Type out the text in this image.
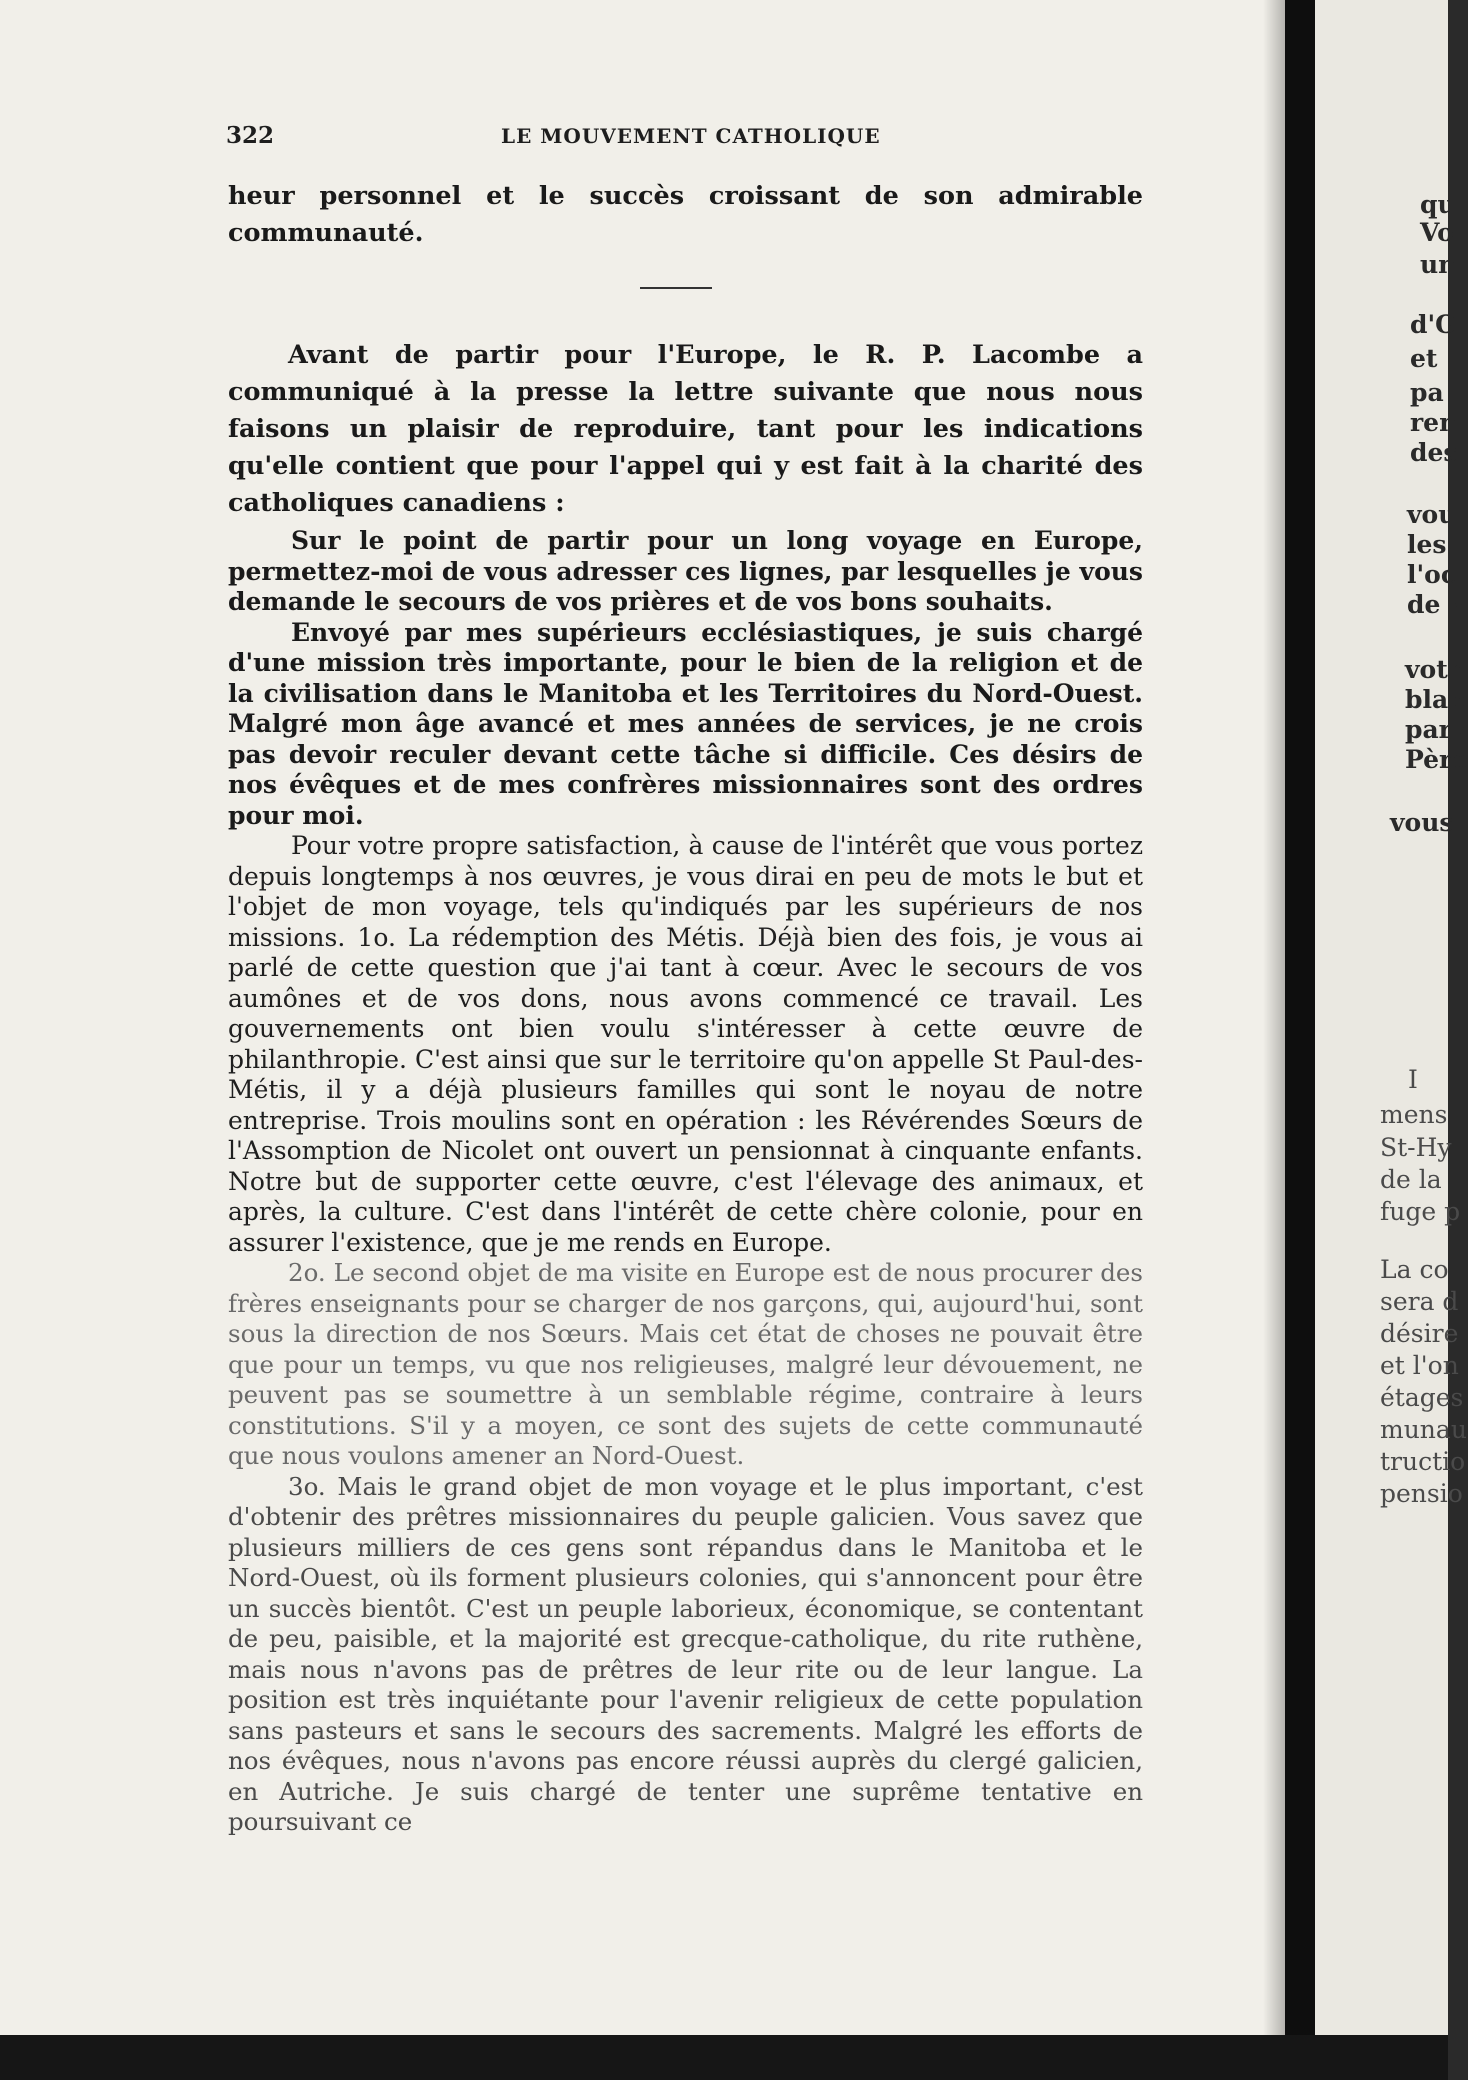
322	LE MOUVEMENT CATHOLIQUE

heur personnel et le succès croissant de son admirable communauté.

Avant de partir pour l'Europe, le R. P. Lacombe a communiqué à la presse la lettre suivante que nous nous faisons un plaisir de reproduire, tant pour les indications qu'elle contient que pour l'appel qui y est fait à la charité des catholiques canadiens :

Sur le point de partir pour un long voyage en Europe, permettez-moi de vous adresser ces lignes, par lesquelles je vous demande le secours de vos prières et de vos bons souhaits.

Envoyé par mes supérieurs ecclésiastiques, je suis chargé d'une mission très importante, pour le bien de la religion et de la civilisation dans le Manitoba et les Territoires du Nord-Ouest. Malgré mon âge avancé et mes années de services, je ne crois pas devoir reculer devant cette tâche si difficile. Ces désirs de nos évêques et de mes confrères missionnaires sont des ordres pour moi.

Pour votre propre satisfaction, à cause de l'intérêt que vous portez depuis longtemps à nos œuvres, je vous dirai en peu de mots le but et l'objet de mon voyage, tels qu'indiqués par les supérieurs de nos missions. 1o. La rédemption des Métis. Déjà bien des fois, je vous ai parlé de cette question que j'ai tant à cœur. Avec le secours de vos aumônes et de vos dons, nous avons commencé ce travail. Les gouvernements ont bien voulu s'intéresser à cette œuvre de philanthropie. C'est ainsi que sur le territoire qu'on appelle St Paul-des-Métis, il y a déjà plusieurs familles qui sont le noyau de notre entreprise. Trois moulins sont en opération : les Révérendes Sœurs de l'Assomption de Nicolet ont ouvert un pensionnat à cinquante enfants. Notre but de supporter cette œuvre, c'est l'élevage des animaux, et après, la culture. C'est dans l'intérêt de cette chère colonie, pour en assurer l'existence, que je me rends en Europe.

2o. Le second objet de ma visite en Europe est de nous procurer des frères enseignants pour se charger de nos garçons, qui, aujourd'hui, sont sous la direction de nos Sœurs. Mais cet état de choses ne pouvait être que pour un temps, vu que nos religieuses, malgré leur dévouement, ne peuvent pas se soumettre à un semblable régime, contraire à leurs constitutions. S'il y a moyen, ce sont des sujets de cette communauté que nous voulons amener an Nord-Ouest.

3o. Mais le grand objet de mon voyage et le plus important, c'est d'obtenir des prêtres missionnaires du peuple galicien. Vous savez que plusieurs milliers de ces gens sont répandus dans le Manitoba et le Nord-Ouest, où ils forment plusieurs colonies, qui s'annoncent pour être un succès bientôt. C'est un peuple laborieux, économique, se contentant de peu, paisible, et la majorité est grecque-catholique, du rite ruthène, mais nous n'avons pas de prêtres de leur rite ou de leur langue. La position est très inquiétante pour l'avenir religieux de cette population sans pasteurs et sans le secours des sacrements. Malgré les efforts de nos évêques, nous n'avons pas encore réussi auprès du clergé galicien, en Autriche. Je suis chargé de tenter une suprême tentative en poursuivant ce

qu
Vo
un
d'O
et
pa
ren
des
vou
les
l'oc
de v
votr
blab
parv
Père
vous
I
mens
St-Hy
de la
fuge p
La co
sera d
désire
et l'on
étages
munau
tructio
pensio
